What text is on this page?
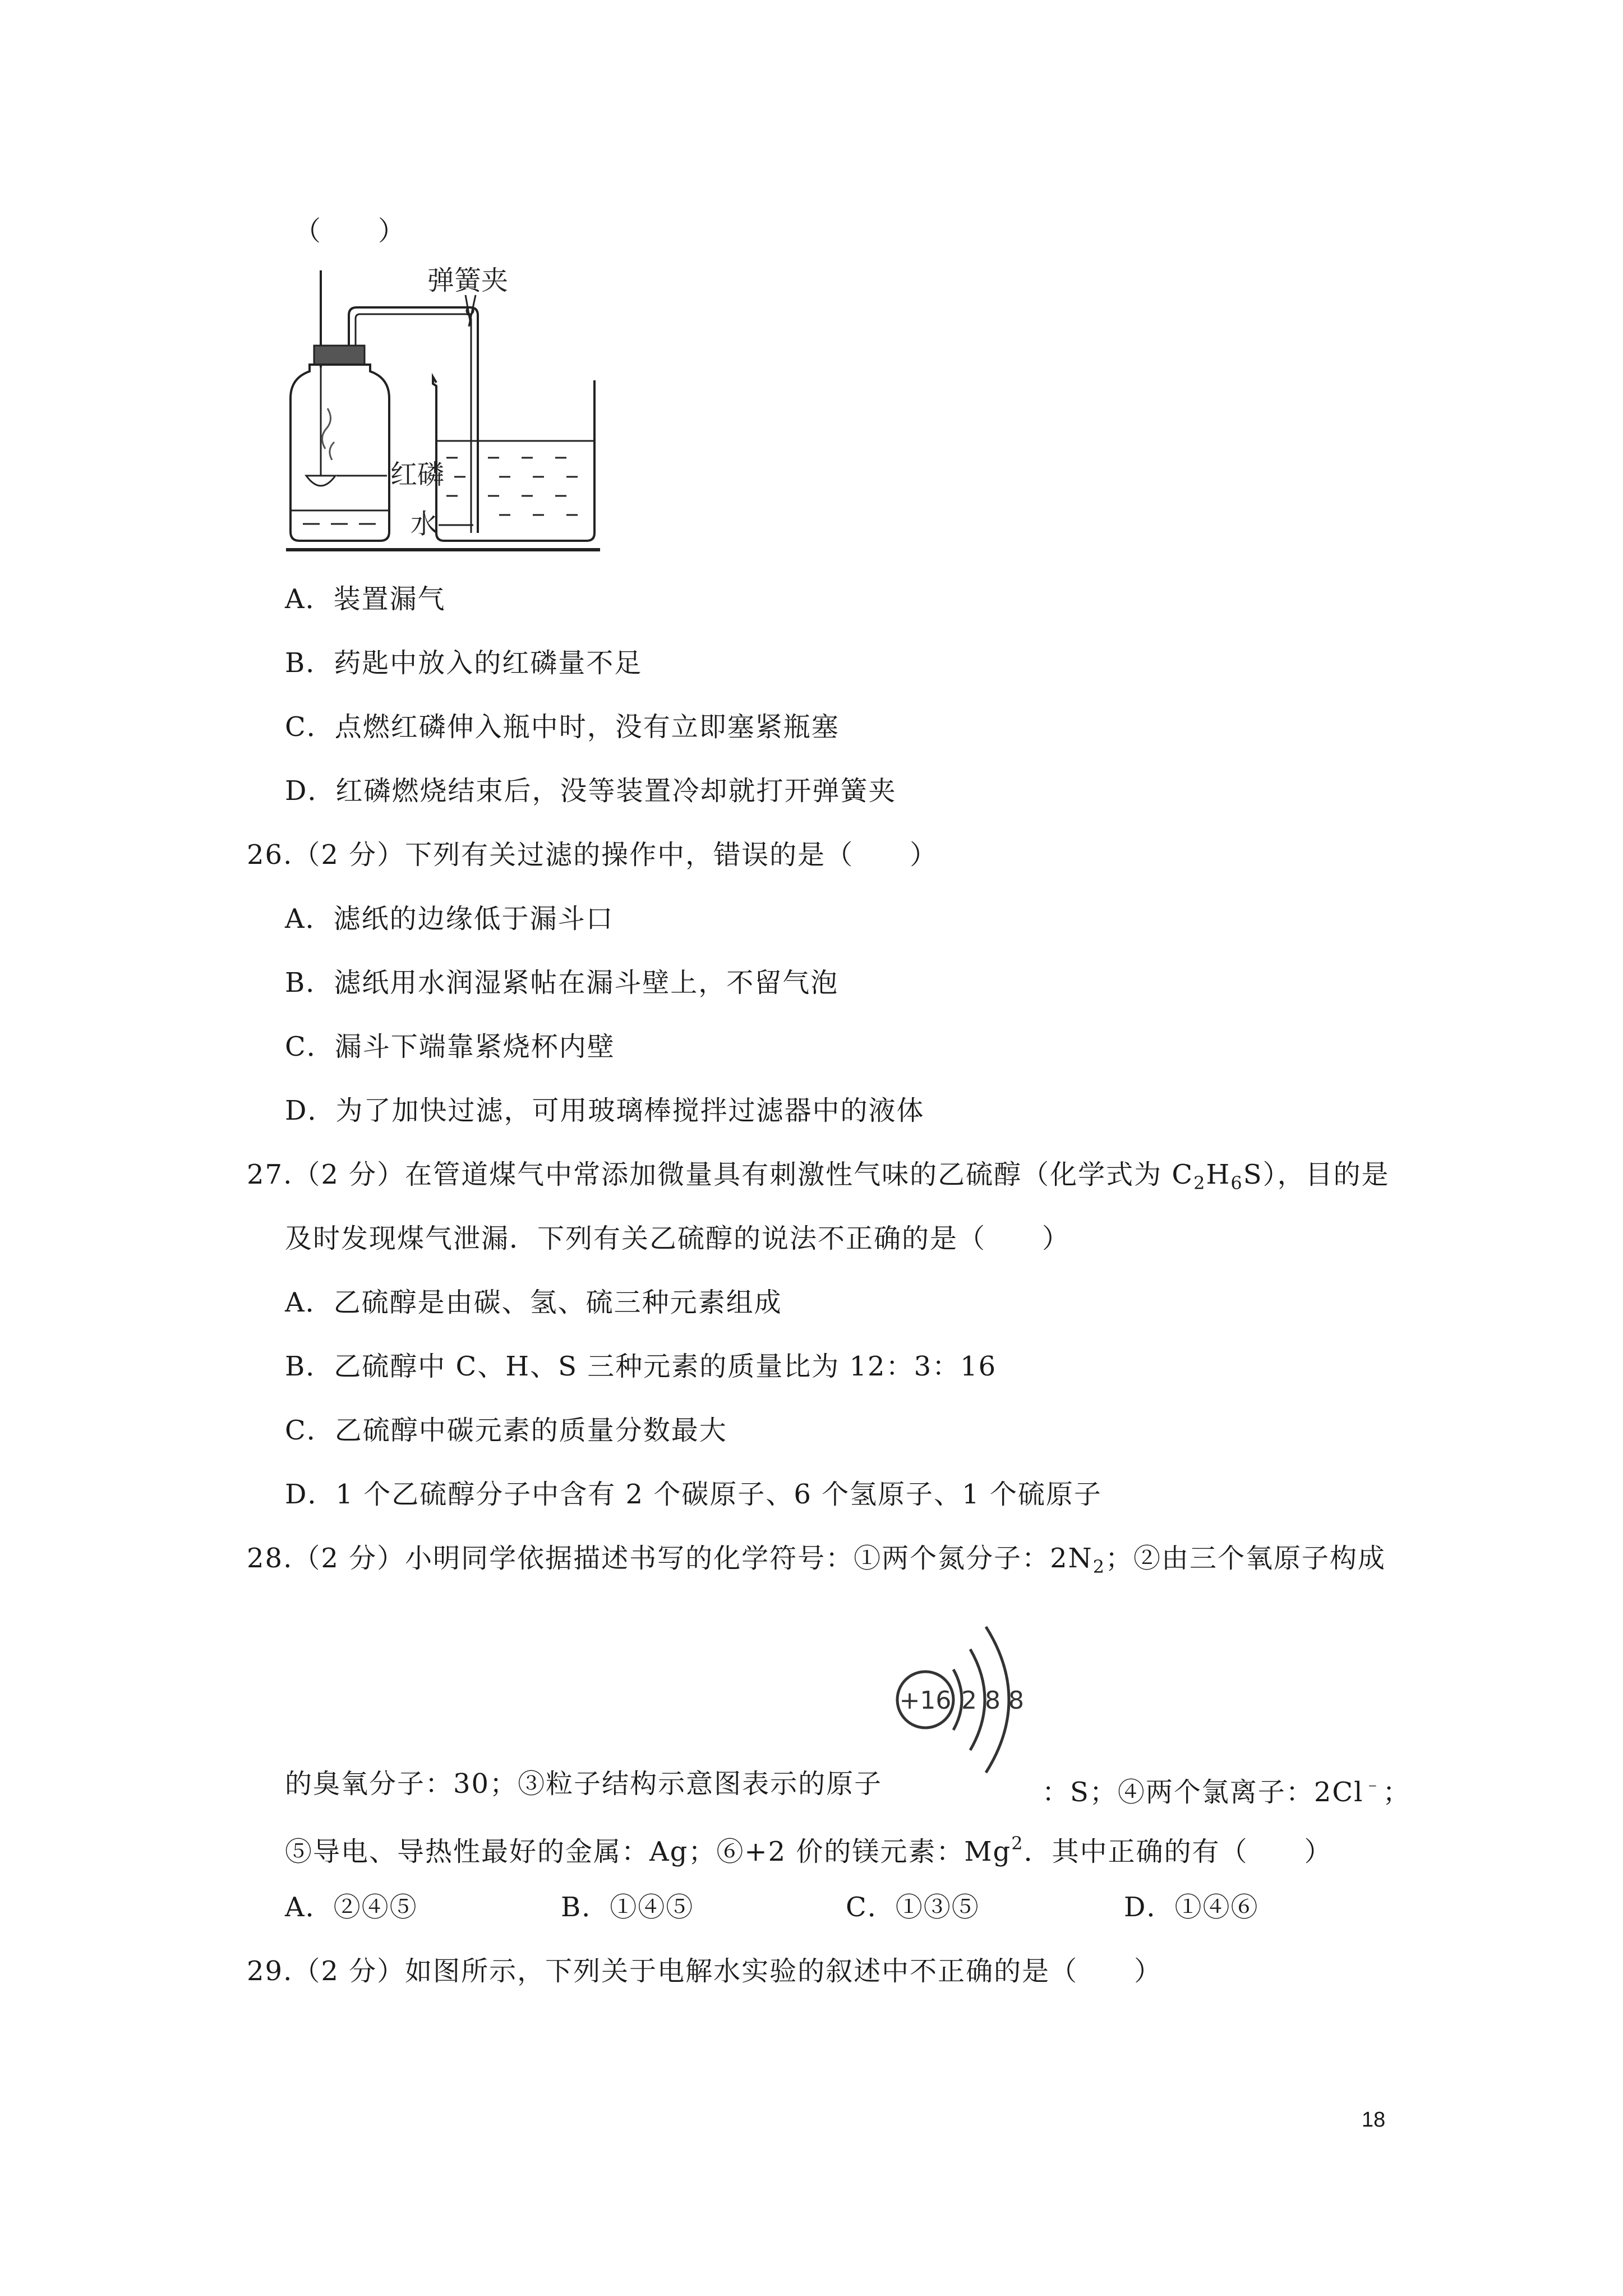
（　　）
红磷
水
弹簧夹
A．装置漏气
B．药匙中放入的红磷量不足
C．点燃红磷伸入瓶中时，没有立即塞紧瓶塞
D．红磷燃烧结束后，没等装置冷却就打开弹簧夹
26.（2 分）下列有关过滤的操作中，错误的是（　　）
A．滤纸的边缘低于漏斗口
B．滤纸用水润湿紧帖在漏斗壁上，不留气泡
C．漏斗下端靠紧烧杯内壁
D．为了加快过滤，可用玻璃棒搅拌过滤器中的液体
27.（2 分）在管道煤气中常添加微量具有刺激性气味的乙硫醇（化学式为 $C_2H_6S$），目的是
及时发现煤气泄漏．下列有关乙硫醇的说法不正确的是（　　）
A．乙硫醇是由碳、氢、硫三种元素组成
B．乙硫醇中 C、H、S 三种元素的质量比为 12：3：16
C．乙硫醇中碳元素的质量分数最大
D．1 个乙硫醇分子中含有 2 个碳原子、6 个氢原子、1 个硫原子
28.（2 分）小明同学依据描述书写的化学符号：①两个氮分子：$2N_2$；②由三个氧原子构成
+16 2 8 8
的臭氧分子：30；③粒子结构示意图表示的原子	：S；④两个氯离子：2Cl﹣；
⑤导电、导热性最好的金属：Ag；⑥+2 价的镁元素：Mg$^2$．其中正确的有（　　）
A．②④⑤	B．①④⑤	C．①③⑤	D．①④⑥
29.（2 分）如图所示，下列关于电解水实验的叙述中不正确的是（　　）
18
